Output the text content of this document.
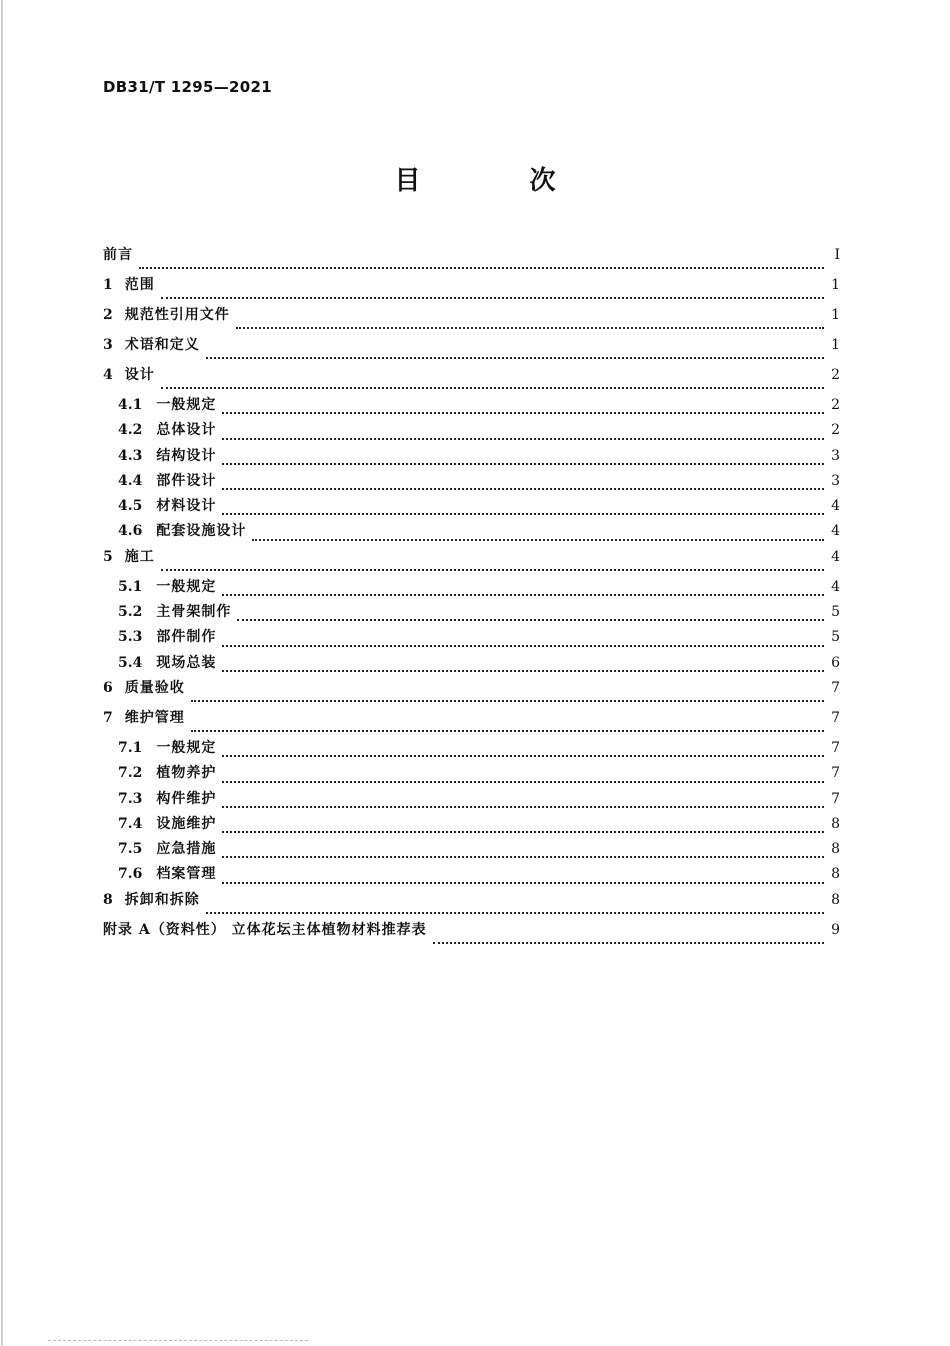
DB31/T 1295—2021
目 次
前言	I
1 范围	1
2 规范性引用文件	1
3 术语和定义	1
4 设计	2
4.1	一般规定	2
4.2	总体设计	2
4.3	结构设计	3
4.4	部件设计	3
4.5	材料设计	4
4.6	配套设施设计	4
5 施工	4
5.1	一般规定	4
5.2	主骨架制作	5
5.3	部件制作	5
5.4	现场总装	6
6 质量验收	7
7 维护管理	7
7.1	一般规定	7
7.2	植物养护	7
7.3	构件维护	7
7.4	设施维护	8
7.5	应急措施	8
7.6	档案管理	8
8 拆卸和拆除	8
附录 A（资料性） 立体花坛主体植物材料推荐表	9
